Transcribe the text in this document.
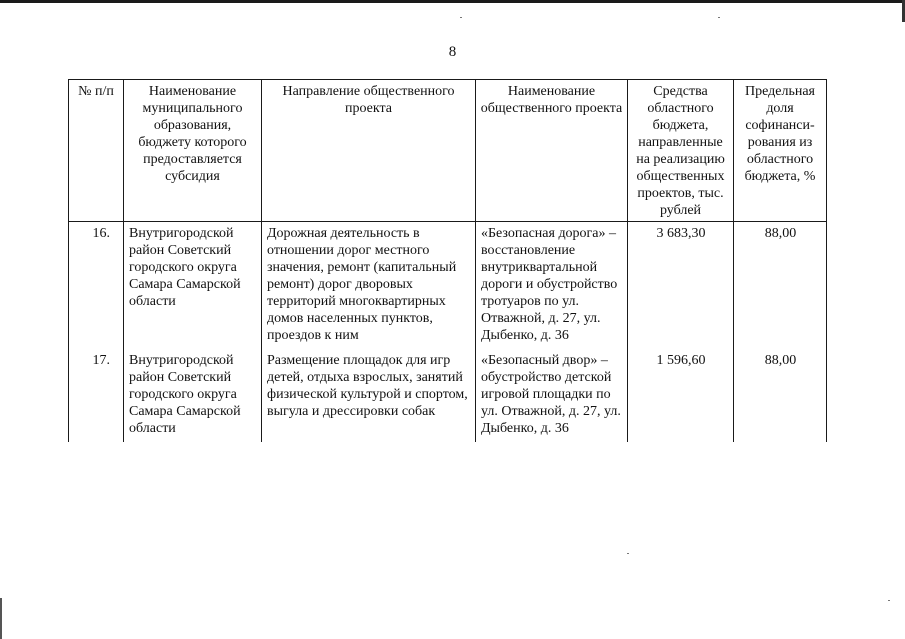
8
№ п/п	Наименование муниципального образования, бюджету которого предоставляется субсидия	Направление общественного проекта	Наименование общественного проекта	Средства областного бюджета, направленные на реализацию общественных проектов, тыс. рублей	Предельная доля софинанси-рования из областного бюджета, %
16.	Внутригородской район Советский городского округа Самара Самарской области	Дорожная деятельность в отношении дорог местного значения, ремонт (капитальный ремонт) дорог дворовых территорий многоквартирных домов населенных пунктов, проездов к ним	«Безопасная дорога» – восстановление внутриквартальной дороги и обустройство тротуаров по ул. Отважной, д. 27, ул. Дыбенко, д. 36	3 683,30	88,00
17.	Внутригородской район Советский городского округа Самара Самарской области	Размещение площадок для игр детей, отдыха взрослых, занятий физической культурой и спортом, выгула и дрессировки собак	«Безопасный двор» – обустройство детской игровой площадки по ул. Отважной, д. 27, ул. Дыбенко, д. 36	1 596,60	88,00
